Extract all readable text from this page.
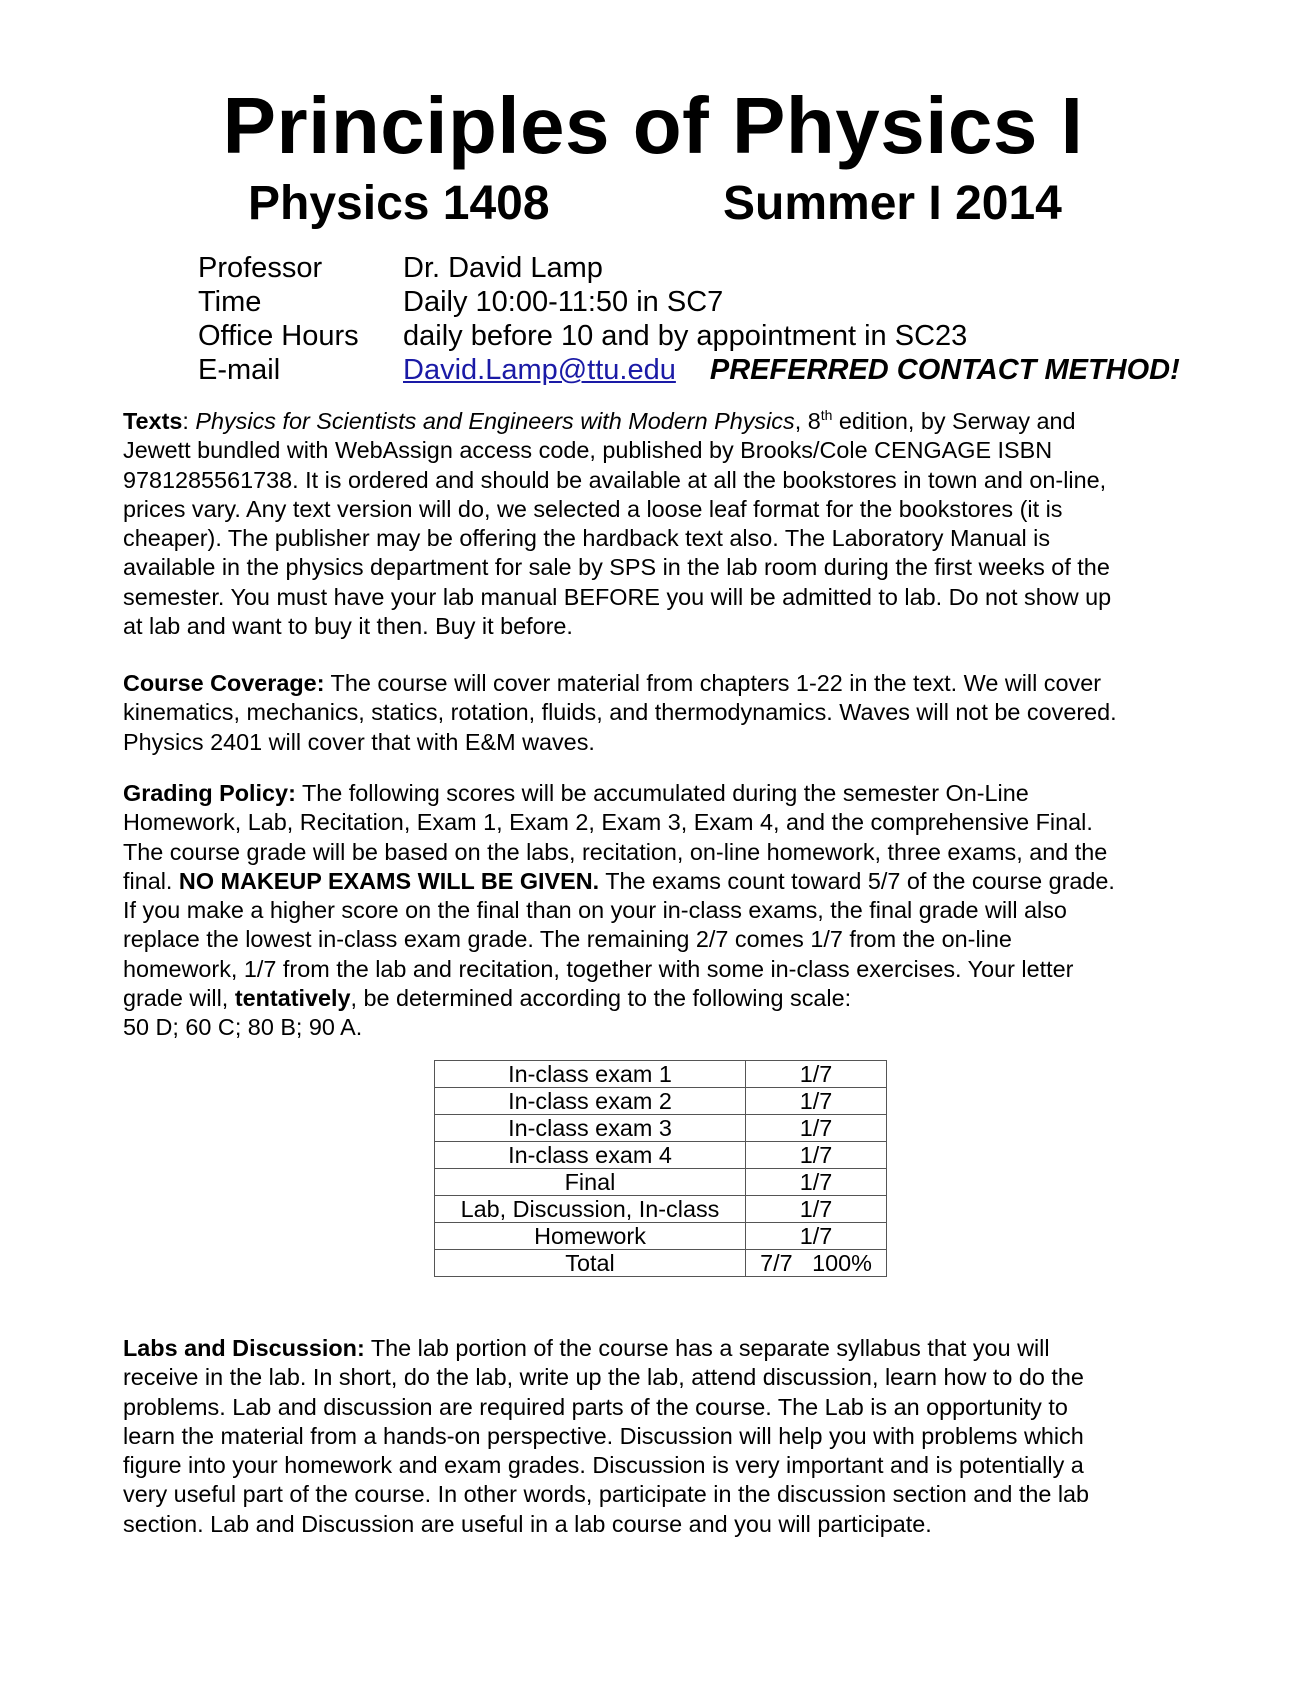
Principles of Physics I
Physics 1408	Summer I 2014
Professor	Dr. David Lamp
Time	Daily 10:00-11:50 in SC7
Office Hours	daily before 10 and by appointment in SC23
E-mail	David.Lamp@ttu.edu PREFERRED CONTACT METHOD!
Texts: Physics for Scientists and Engineers with Modern Physics, 8th edition, by Serway and
Jewett bundled with WebAssign access code, published by Brooks/Cole CENGAGE ISBN
9781285561738. It is ordered and should be available at all the bookstores in town and on-line,
prices vary. Any text version will do, we selected a loose leaf format for the bookstores (it is
cheaper). The publisher may be offering the hardback text also. The Laboratory Manual is
available in the physics department for sale by SPS in the lab room during the first weeks of the
semester. You must have your lab manual BEFORE you will be admitted to lab. Do not show up
at lab and want to buy it then. Buy it before.
Course Coverage: The course will cover material from chapters 1-22 in the text. We will cover
kinematics, mechanics, statics, rotation, fluids, and thermodynamics. Waves will not be covered.
Physics 2401 will cover that with E&M waves.
Grading Policy: The following scores will be accumulated during the semester On-Line
Homework, Lab, Recitation, Exam 1, Exam 2, Exam 3, Exam 4, and the comprehensive Final.
The course grade will be based on the labs, recitation, on-line homework, three exams, and the
final. NO MAKEUP EXAMS WILL BE GIVEN. The exams count toward 5/7 of the course grade.
If you make a higher score on the final than on your in-class exams, the final grade will also
replace the lowest in-class exam grade. The remaining 2/7 comes 1/7 from the on-line
homework, 1/7 from the lab and recitation, together with some in-class exercises. Your letter
grade will, tentatively, be determined according to the following scale:
50 D; 60 C; 80 B; 90 A.
In-class exam 1	1/7
In-class exam 2	1/7
In-class exam 3	1/7
In-class exam 4	1/7
Final	1/7
Lab, Discussion, In-class	1/7
Homework	1/7
Total	7/7   100%
Labs and Discussion: The lab portion of the course has a separate syllabus that you will
receive in the lab. In short, do the lab, write up the lab, attend discussion, learn how to do the
problems. Lab and discussion are required parts of the course. The Lab is an opportunity to
learn the material from a hands-on perspective. Discussion will help you with problems which
figure into your homework and exam grades. Discussion is very important and is potentially a
very useful part of the course. In other words, participate in the discussion section and the lab
section. Lab and Discussion are useful in a lab course and you will participate.
